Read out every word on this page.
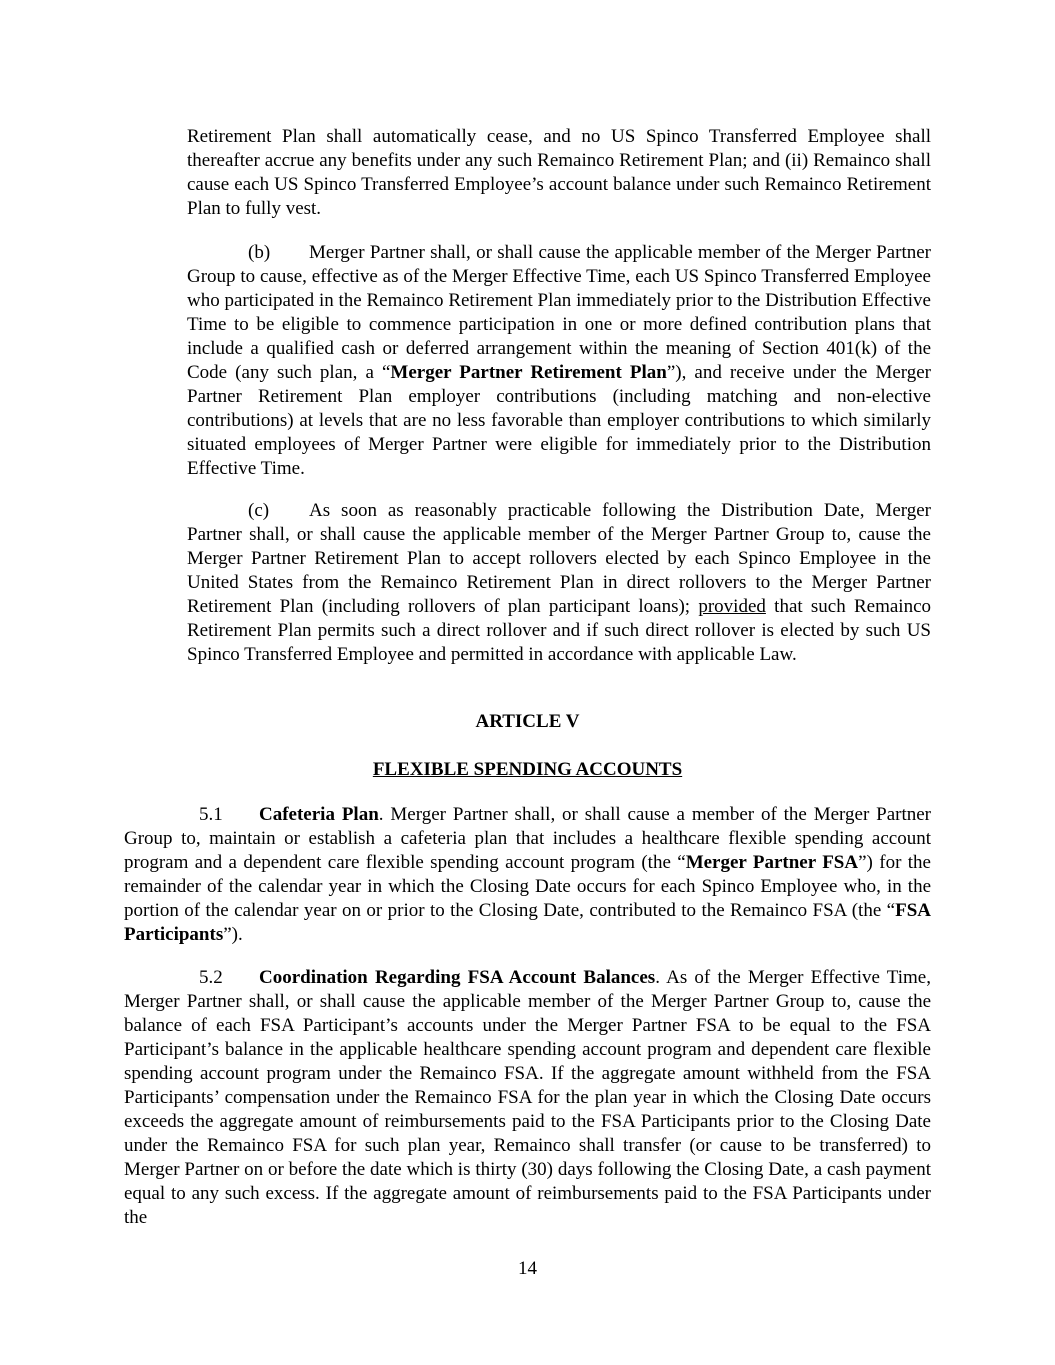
Retirement Plan shall automatically cease, and no US Spinco Transferred Employee shall thereafter accrue any benefits under any such Remainco Retirement Plan; and (ii) Remainco shall cause each US Spinco Transferred Employee’s account balance under such Remainco Retirement Plan to fully vest.
(b) Merger Partner shall, or shall cause the applicable member of the Merger Partner Group to cause, effective as of the Merger Effective Time, each US Spinco Transferred Employee who participated in the Remainco Retirement Plan immediately prior to the Distribution Effective Time to be eligible to commence participation in one or more defined contribution plans that include a qualified cash or deferred arrangement within the meaning of Section 401(k) of the Code (any such plan, a “Merger Partner Retirement Plan”), and receive under the Merger Partner Retirement Plan employer contributions (including matching and non-elective contributions) at levels that are no less favorable than employer contributions to which similarly situated employees of Merger Partner were eligible for immediately prior to the Distribution Effective Time.
(c) As soon as reasonably practicable following the Distribution Date, Merger Partner shall, or shall cause the applicable member of the Merger Partner Group to, cause the Merger Partner Retirement Plan to accept rollovers elected by each Spinco Employee in the United States from the Remainco Retirement Plan in direct rollovers to the Merger Partner Retirement Plan (including rollovers of plan participant loans); provided that such Remainco Retirement Plan permits such a direct rollover and if such direct rollover is elected by such US Spinco Transferred Employee and permitted in accordance with applicable Law.
ARTICLE V
FLEXIBLE SPENDING ACCOUNTS
5.1 Cafeteria Plan. Merger Partner shall, or shall cause a member of the Merger Partner Group to, maintain or establish a cafeteria plan that includes a healthcare flexible spending account program and a dependent care flexible spending account program (the “Merger Partner FSA”) for the remainder of the calendar year in which the Closing Date occurs for each Spinco Employee who, in the portion of the calendar year on or prior to the Closing Date, contributed to the Remainco FSA (the “FSA Participants”).
5.2 Coordination Regarding FSA Account Balances. As of the Merger Effective Time, Merger Partner shall, or shall cause the applicable member of the Merger Partner Group to, cause the balance of each FSA Participant’s accounts under the Merger Partner FSA to be equal to the FSA Participant’s balance in the applicable healthcare spending account program and dependent care flexible spending account program under the Remainco FSA. If the aggregate amount withheld from the FSA Participants’ compensation under the Remainco FSA for the plan year in which the Closing Date occurs exceeds the aggregate amount of reimbursements paid to the FSA Participants prior to the Closing Date under the Remainco FSA for such plan year, Remainco shall transfer (or cause to be transferred) to Merger Partner on or before the date which is thirty (30) days following the Closing Date, a cash payment equal to any such excess. If the aggregate amount of reimbursements paid to the FSA Participants under the
14
